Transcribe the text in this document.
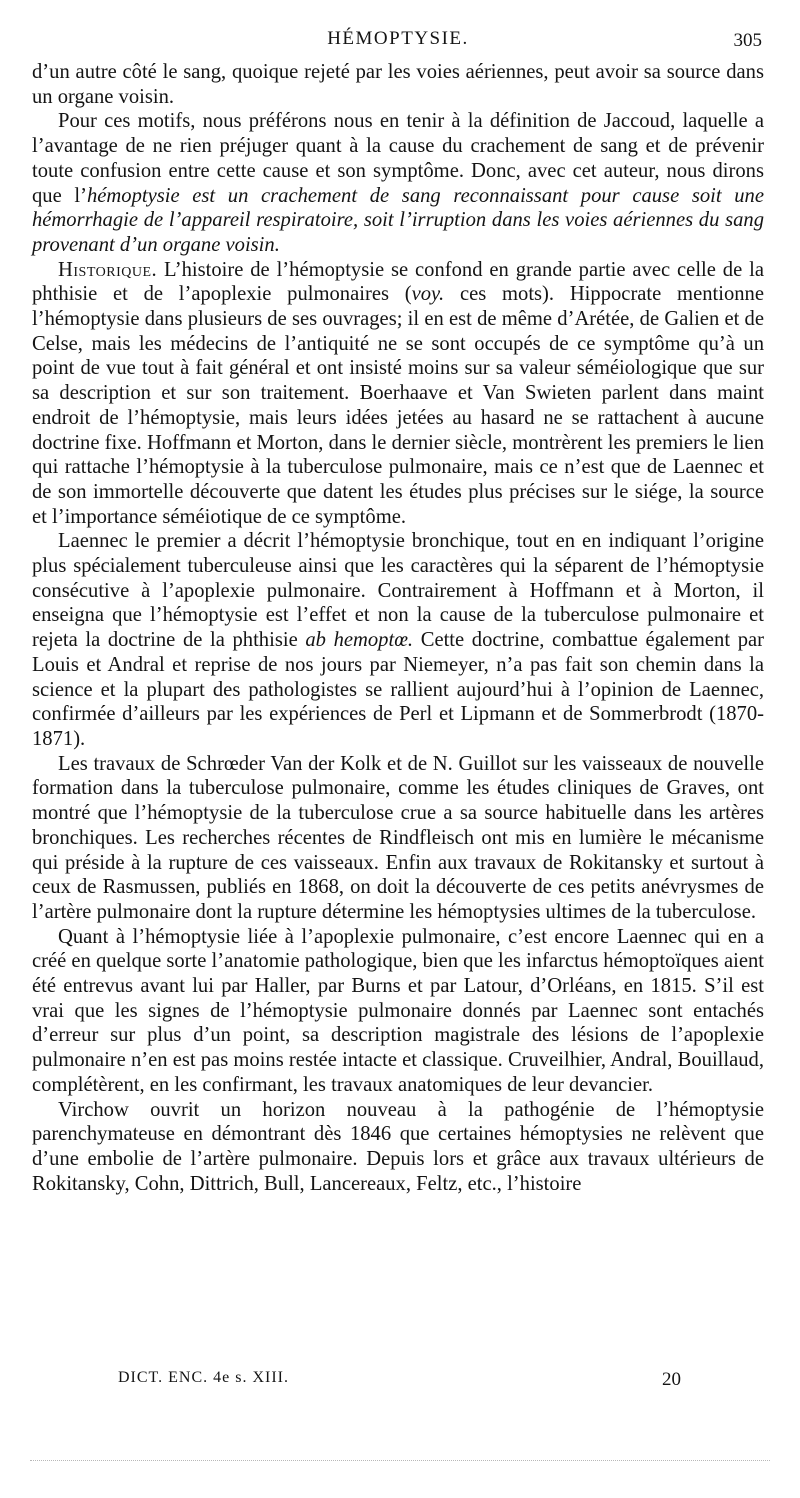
HÉMOPTYSIE.	305

d’un autre côté le sang, quoique rejeté par les voies aériennes, peut avoir sa source dans un organe voisin.

Pour ces motifs, nous préférons nous en tenir à la définition de Jaccoud, laquelle a l’avantage de ne rien préjuger quant à la cause du crachement de sang et de prévenir toute confusion entre cette cause et son symptôme. Donc, avec cet auteur, nous dirons que l’hémoptysie est un crachement de sang reconnaissant pour cause soit une hémorrhagie de l’appareil respiratoire, soit l’irruption dans les voies aériennes du sang provenant d’un organe voisin.

Historique. L’histoire de l’hémoptysie se confond en grande partie avec celle de la phthisie et de l’apoplexie pulmonaires (voy. ces mots). Hippocrate mentionne l’hémoptysie dans plusieurs de ses ouvrages; il en est de même d’Arétée, de Galien et de Celse, mais les médecins de l’antiquité ne se sont occupés de ce symptôme qu’à un point de vue tout à fait général et ont insisté moins sur sa valeur séméiologique que sur sa description et sur son traitement. Boerhaave et Van Swieten parlent dans maint endroit de l’hémoptysie, mais leurs idées jetées au hasard ne se rattachent à aucune doctrine fixe. Hoffmann et Morton, dans le dernier siècle, montrèrent les premiers le lien qui rattache l’hémoptysie à la tuberculose pulmonaire, mais ce n’est que de Laennec et de son immortelle découverte que datent les études plus précises sur le siége, la source et l’importance séméiotique de ce symptôme.

Laennec le premier a décrit l’hémoptysie bronchique, tout en en indiquant l’origine plus spécialement tuberculeuse ainsi que les caractères qui la séparent de l’hémoptysie consécutive à l’apoplexie pulmonaire. Contrairement à Hoffmann et à Morton, il enseigna que l’hémoptysie est l’effet et non la cause de la tuberculose pulmonaire et rejeta la doctrine de la phthisie ab hemoptœ. Cette doctrine, combattue également par Louis et Andral et reprise de nos jours par Niemeyer, n’a pas fait son chemin dans la science et la plupart des pathologistes se rallient aujourd’hui à l’opinion de Laennec, confirmée d’ailleurs par les expériences de Perl et Lipmann et de Sommerbrodt (1870-1871).

Les travaux de Schrœder Van der Kolk et de N. Guillot sur les vaisseaux de nouvelle formation dans la tuberculose pulmonaire, comme les études cliniques de Graves, ont montré que l’hémoptysie de la tuberculose crue a sa source habituelle dans les artères bronchiques. Les recherches récentes de Rindfleisch ont mis en lumière le mécanisme qui préside à la rupture de ces vaisseaux. Enfin aux travaux de Rokitansky et surtout à ceux de Rasmussen, publiés en 1868, on doit la découverte de ces petits anévrysmes de l’artère pulmonaire dont la rupture détermine les hémoptysies ultimes de la tuberculose.

Quant à l’hémoptysie liée à l’apoplexie pulmonaire, c’est encore Laennec qui en a créé en quelque sorte l’anatomie pathologique, bien que les infarctus hémoptoïques aient été entrevus avant lui par Haller, par Burns et par Latour, d’Orléans, en 1815. S’il est vrai que les signes de l’hémoptysie pulmonaire donnés par Laennec sont entachés d’erreur sur plus d’un point, sa description magistrale des lésions de l’apoplexie pulmonaire n’en est pas moins restée intacte et classique. Cruveilhier, Andral, Bouillaud, complétèrent, en les confirmant, les travaux anatomiques de leur devancier.

Virchow ouvrit un horizon nouveau à la pathogénie de l’hémoptysie parenchymateuse en démontrant dès 1846 que certaines hémoptysies ne relèvent que d’une embolie de l’artère pulmonaire. Depuis lors et grâce aux travaux ultérieurs de Rokitansky, Cohn, Dittrich, Bull, Lancereaux, Feltz, etc., l’histoire

DICT. ENC. 4e s. XIII.	20
